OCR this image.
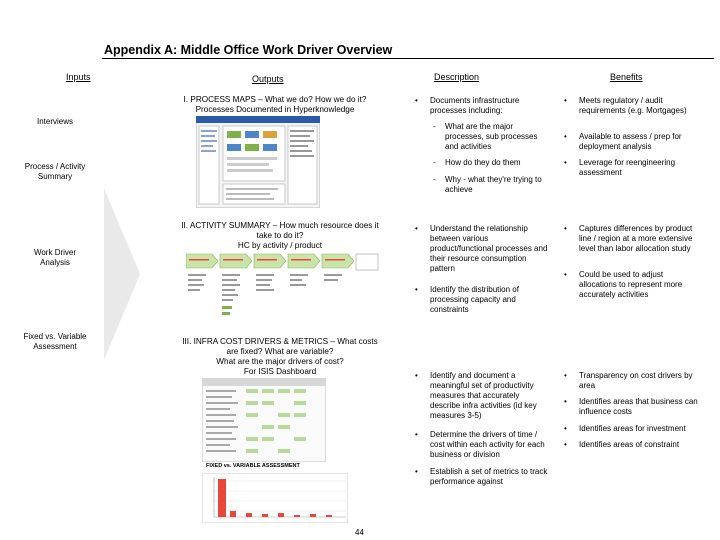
Appendix A: Middle Office Work Driver Overview
Inputs	Outputs	Description	Benefits
Interviews
Process / Activity Summary
Work Driver Analysis
Fixed vs. Variable Assessment
I. PROCESS MAPS – What we do? How we do it?
Processes Documented in Hyperknowledge
II. ACTIVITY SUMMARY – How much resource does it
take to do it?
HC by activity / product
III. INFRA COST DRIVERS & METRICS – What costs
are fixed? What are variable?
What are the major drivers of cost?
For ISIS Dashboard
FIXED vs. VARIABLE ASSESSMENT
• Documents infrastructure processes including:
- What are the major processes, sub processes and activities
- How do they do them
- Why - what they're trying to achieve
• Understand the relationship between various product/functional processes and their resource consumption pattern
• Identify the distribution of processing capacity and constraints
• Identify and document a meaningful set of productivity measures that accurately describe infra activities (id key measures 3-5)
• Determine the drivers of time / cost within each activity for each business or division
• Establish a set of metrics to track performance against
• Meets regulatory / audit requirements (e.g. Mortgages)
• Available to assess / prep for deployment analysis
• Leverage for reengineering assessment
• Captures differences by product line / region at a more extensive level than labor allocation study
• Could be used to adjust allocations to represent more accurately activities
• Transparency on cost drivers by area
• Identifies areas that business can influence costs
• Identifies areas for investment
• Identifies areas of constraint
44
